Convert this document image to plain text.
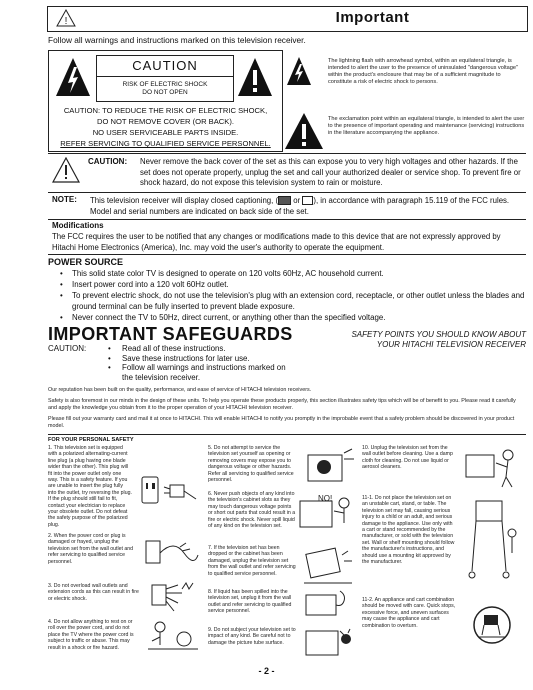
!	Important
Follow all warnings and instructions marked on this television receiver.
CAUTION
RISK OF ELECTRIC SHOCK
DO NOT OPEN
CAUTION: TO REDUCE THE RISK OF ELECTRIC SHOCK,
DO NOT REMOVE COVER (OR BACK).
NO USER SERVICEABLE PARTS INSIDE.
REFER SERVICING TO QUALIFIED SERVICE PERSONNEL.
The lightning flash with arrowhead symbol, within an equilateral triangle, is intended to alert the user to the presence of uninsulated "dangerous voltage" within the product's enclosure that may be of a sufficient magnitude to constitute a risk of electric shock to persons.
The exclamation point within an equilateral triangle, is intended to alert the user to the presence of important operating and maintenance (servicing) instructions in the literature accompanying the appliance.
CAUTION: Never remove the back cover of the set as this can expose you to very high voltages and other hazards. If the set does not operate properly, unplug the set and call your authorized dealer or service shop. To prevent fire or shock hazard, do not expose this television system to rain or moisture.
NOTE: This television receiver will display closed captioning, ( or ), in accordance with paragraph 15.119 of the FCC rules. Model and serial numbers are indicated on back side of the set.
Modifications
The FCC requires the user to be notified that any changes or modifications made to this device that are not expressly approved by Hitachi Home Electronics (America), Inc. may void the user's authority to operate the equipment.
POWER SOURCE
• This solid state color TV is designed to operate on 120 volts 60Hz, AC household current.
• Insert power cord into a 120 volt 60Hz outlet.
• To prevent electric shock, do not use the television's plug with an extension cord, receptacle, or other outlet unless the blades and ground terminal can be fully inserted to prevent blade exposure.
• Never connect the TV to 50Hz, direct current, or anything other than the specified voltage.
IMPORTANT SAFEGUARDS	SAFETY POINTS YOU SHOULD KNOW ABOUT
YOUR HITACHI TELEVISION RECEIVER
CAUTION:
•	Read all of these instructions.
• Save these instructions for later use.
• Follow all warnings and instructions marked on the television receiver.
Our reputation has been built on the quality, performance, and ease of service of HITACHI television receivers.
Safety is also foremost in our minds in the design of these units. To help you operate these products properly, this section illustrates safety tips which will be of benefit to you. Please read it carefully and apply the knowledge you obtain from it to the proper operation of your HITACHI television receiver.
Please fill out your warranty card and mail it at once to HITACHI. This will enable HITACHI to notify you promptly in the improbable event that a safety problem should be discovered in your product model.
FOR YOUR PERSONAL SAFETY
1. This television set is equipped with a polarized alternating-current line plug (a plug having one blade wider than the other). This plug will fit into the power outlet only one way. This is a safety feature. If you are unable to insert the plug fully into the outlet, try reversing the plug. If the plug should still fail to fit, contact your electrician to replace your obsolete outlet. Do not defeat the safety purpose of the polarized plug.
2. When the power cord or plug is damaged or frayed, unplug the television set from the wall outlet and refer servicing to qualified service personnel.
3. Do not overload wall outlets and extension cords as this can result in fire or electric shock.
4. Do not allow anything to rest on or roll over the power cord, and do not place the TV where the power cord is subject to traffic or abuse. This may result in a shock or fire hazard.
5. Do not attempt to service the television set yourself as opening or removing covers may expose you to dangerous voltage or other hazards. Refer all servicing to qualified service personnel.
6. Never push objects of any kind into the television's cabinet slots as they may touch dangerous voltage points or short out parts that could result in a fire or electric shock. Never spill liquid of any kind on the television set.
NO!
7. If the television set has been dropped or the cabinet has been damaged, unplug the television set from the wall outlet and refer servicing to qualified service personnel.
8. If liquid has been spilled into the television set, unplug it from the wall outlet and refer servicing to qualified service personnel.
9. Do not subject your television set to impact of any kind. Be careful not to damage the picture tube surface.
10. Unplug the television set from the wall outlet before cleaning. Use a damp cloth for cleaning. Do not use liquid or aerosol cleaners.
11-1. Do not place the television set on an unstable cart, stand, or table. The television set may fall, causing serious injury to a child or an adult, and serious damage to the appliance. Use only with a cart or stand recommended by the manufacturer, or sold with the television set. Wall or shelf mounting should follow the manufacturer's instructions, and should use a mounting kit approved by the manufacturer.
11-2. An appliance and cart combination should be moved with care. Quick stops, excessive force, and uneven surfaces may cause the appliance and cart combination to overturn.
- 2 -
